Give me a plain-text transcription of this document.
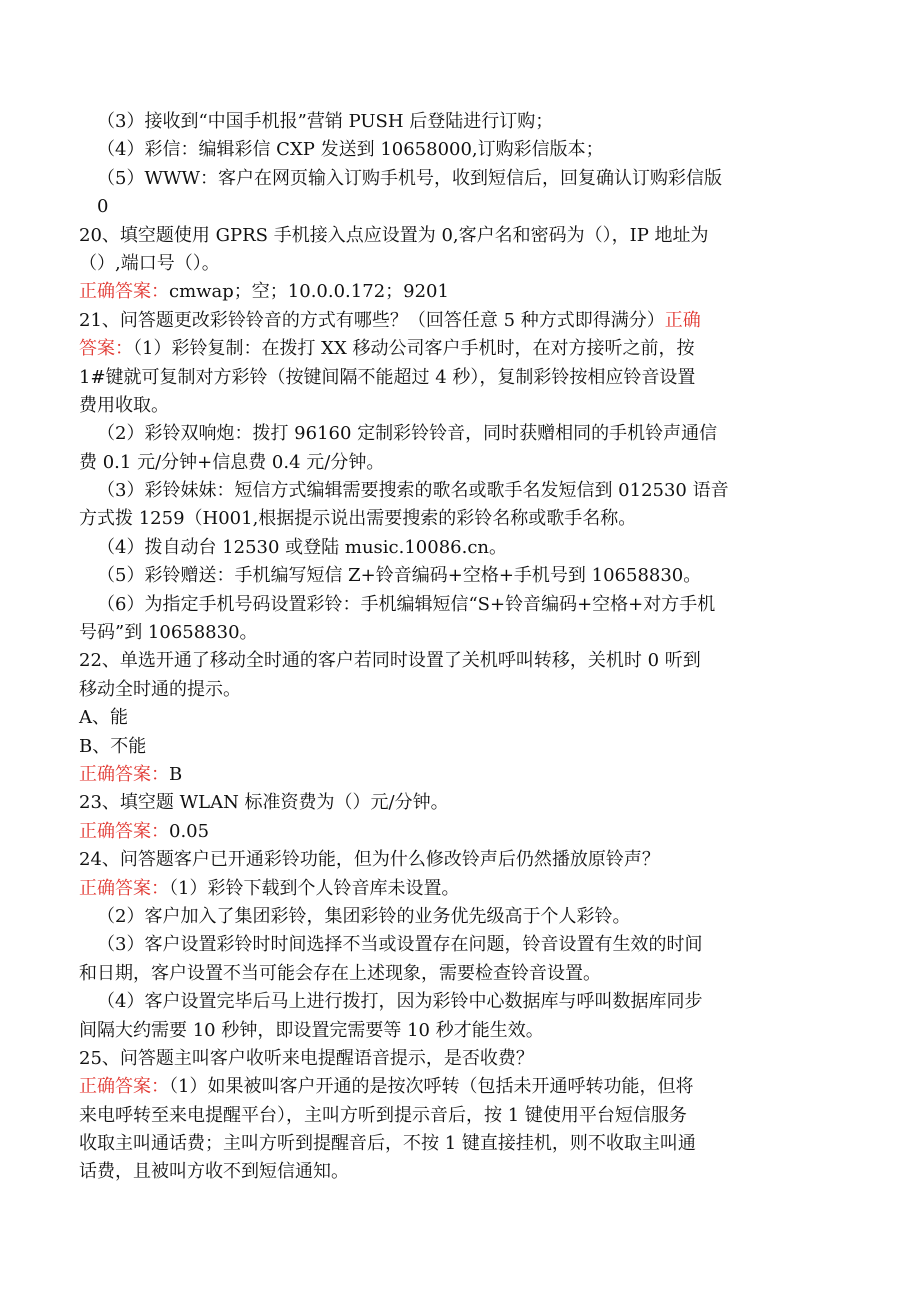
（3）接收到“中国手机报”营销 PUSH 后登陆进行订购；
（4）彩信：编辑彩信 CXP 发送到 10658000,订购彩信版本；
（5）WWW：客户在网页输入订购手机号，收到短信后，回复确认订购彩信版
0
20、填空题使用 GPRS 手机接入点应设置为 0,客户名和密码为（），IP 地址为
（）,端口号（）。
正确答案：cmwap；空；10.0.0.172；9201
21、问答题更改彩铃铃音的方式有哪些？（回答任意 5 种方式即得满分）正确
答案：（1）彩铃复制：在拨打 XX 移动公司客户手机时，在对方接听之前，按
1#键就可复制对方彩铃（按键间隔不能超过 4 秒），复制彩铃按相应铃音设置
费用收取。
（2）彩铃双响炮：拨打 96160 定制彩铃铃音，同时获赠相同的手机铃声通信
费 0.1 元/分钟+信息费 0.4 元/分钟。
（3）彩铃妹妹：短信方式编辑需要搜索的歌名或歌手名发短信到 012530 语音
方式拨 1259（H001,根据提示说出需要搜索的彩铃名称或歌手名称。
（4）拨自动台 12530 或登陆 music.10086.cn。
（5）彩铃赠送：手机编写短信 Z+铃音编码+空格+手机号到 10658830。
（6）为指定手机号码设置彩铃：手机编辑短信“S+铃音编码+空格+对方手机
号码”到 10658830。
22、单选开通了移动全时通的客户若同时设置了关机呼叫转移，关机时 0 听到
移动全时通的提示。
A、能
B、不能
正确答案：B
23、填空题 WLAN 标准资费为（）元/分钟。
正确答案：0.05
24、问答题客户已开通彩铃功能，但为什么修改铃声后仍然播放原铃声？
正确答案：（1）彩铃下载到个人铃音库未设置。
（2）客户加入了集团彩铃，集团彩铃的业务优先级高于个人彩铃。
（3）客户设置彩铃时时间选择不当或设置存在问题，铃音设置有生效的时间
和日期，客户设置不当可能会存在上述现象，需要检查铃音设置。
（4）客户设置完毕后马上进行拨打，因为彩铃中心数据库与呼叫数据库同步
间隔大约需要 10 秒钟，即设置完需要等 10 秒才能生效。
25、问答题主叫客户收听来电提醒语音提示，是否收费？
正确答案：（1）如果被叫客户开通的是按次呼转（包括未开通呼转功能，但将
来电呼转至来电提醒平台），主叫方听到提示音后，按 1 键使用平台短信服务
收取主叫通话费；主叫方听到提醒音后，不按 1 键直接挂机，则不收取主叫通
话费，且被叫方收不到短信通知。
